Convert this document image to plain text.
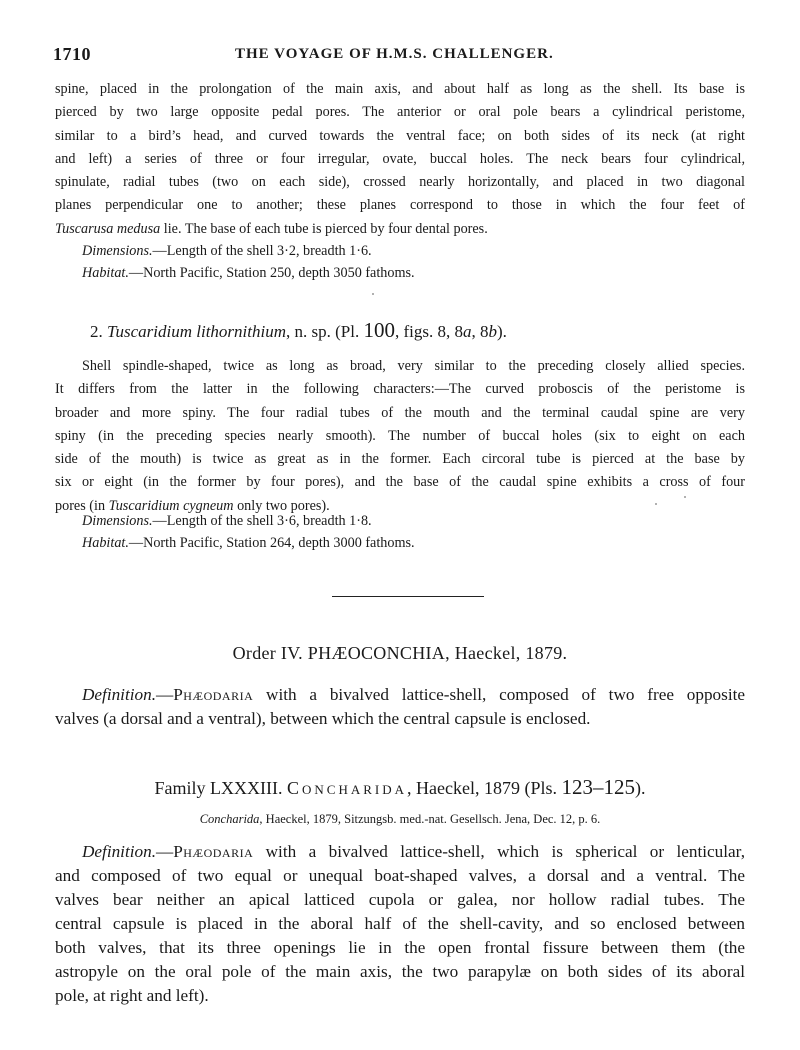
1710	THE VOYAGE OF H.M.S. CHALLENGER.
spine, placed in the prolongation of the main axis, and about half as long as the shell. Its base is
pierced by two large opposite pedal pores. The anterior or oral pole bears a cylindrical peristome,
similar to a bird’s head, and curved towards the ventral face; on both sides of its neck (at right
and left) a series of three or four irregular, ovate, buccal holes. The neck bears four cylindrical,
spinulate, radial tubes (two on each side), crossed nearly horizontally, and placed in two diagonal
planes perpendicular one to another; these planes correspond to those in which the four feet of
Tuscarusa medusa lie. The base of each tube is pierced by four dental pores.

Dimensions.—Length of the shell 3·2, breadth 1·6.

Habitat.—North Pacific, Station 250, depth 3050 fathoms.

2. Tuscaridium lithornithium, n. sp. (Pl. 100, figs. 8, 8a, 8b).
Shell spindle-shaped, twice as long as broad, very similar to the preceding closely allied species.
It differs from the latter in the following characters:—The curved proboscis of the peristome is
broader and more spiny. The four radial tubes of the mouth and the terminal caudal spine are very
spiny (in the preceding species nearly smooth). The number of buccal holes (six to eight on each
side of the mouth) is twice as great as in the former. Each circoral tube is pierced at the base by
six or eight (in the former by four pores), and the base of the caudal spine exhibits a cross of four
pores (in Tuscaridium cygneum only two pores).

Dimensions.—Length of the shell 3·6, breadth 1·8.

Habitat.—North Pacific, Station 264, depth 3000 fathoms.

Order IV. PHÆOCONCHIA, Haeckel, 1879.
Definition.—Phæodaria with a bivalved lattice-shell, composed of two free opposite
valves (a dorsal and a ventral), between which the central capsule is enclosed.
Family LXXXIII. Concharida, Haeckel, 1879 (Pls. 123–125).
Concharida, Haeckel, 1879, Sitzungsb. med.-nat. Gesellsch. Jena, Dec. 12, p. 6.
Definition.—Phæodaria with a bivalved lattice-shell, which is spherical or lenticular,
and composed of two equal or unequal boat-shaped valves, a dorsal and a ventral. The
valves bear neither an apical latticed cupola or galea, nor hollow radial tubes. The
central capsule is placed in the aboral half of the shell-cavity, and so enclosed between
both valves, that its three openings lie in the open frontal fissure between them (the
astropyle on the oral pole of the main axis, the two parapylæ on both sides of its aboral
pole, at right and left).
